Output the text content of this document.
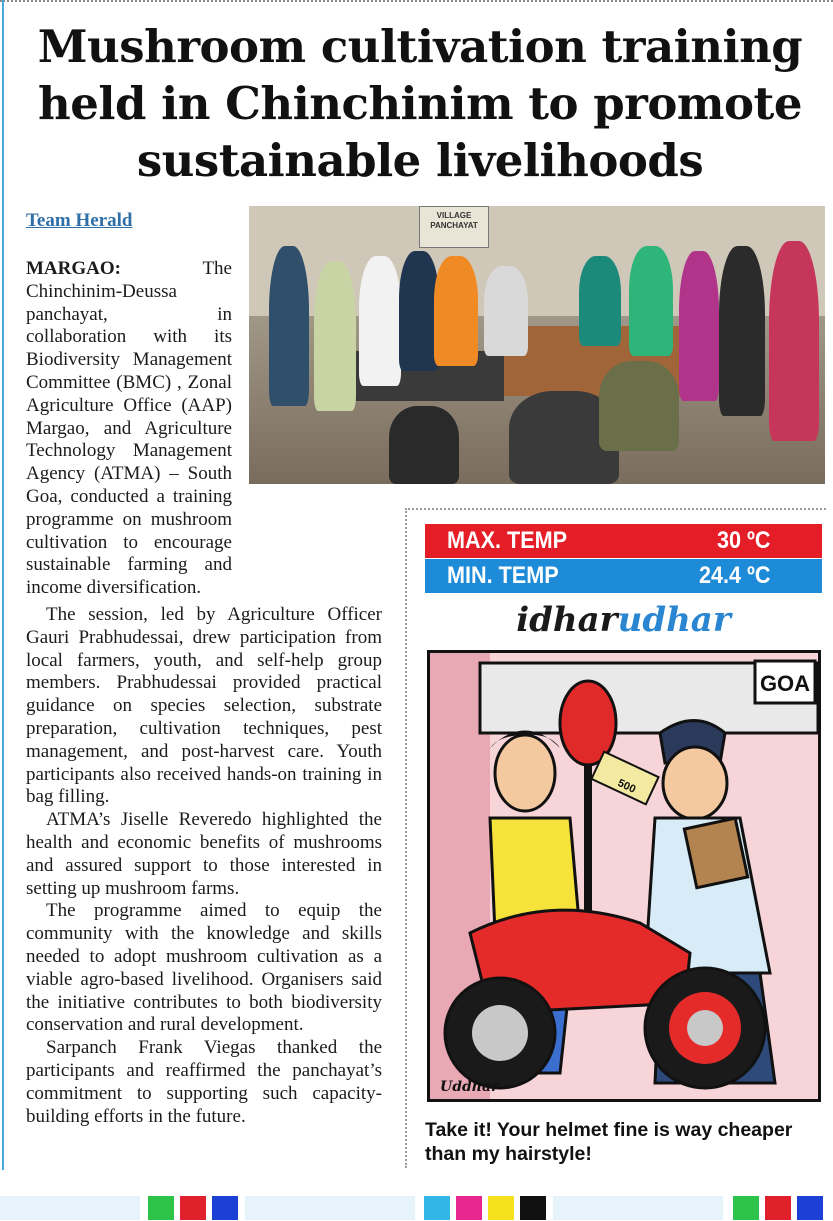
Mushroom cultivation training held in Chinchinim to promote sustainable livelihoods
Team Herald	VILLAGE PANCHAYAT

MARGAO:	The Chinchinim-Deussa panchayat, in collaboration with its Biodiversity Management Committee (BMC) , Zonal Agriculture Office (AAP) Margao, and Agriculture Technology Management Agency (ATMA) – South Goa, conducted a training programme on mushroom cultivation to encourage sustainable farming and income diversification.

MAX. TEMP	30 ºC
MIN. TEMP	24.4 ºC
idharudhar
GOA
500
Uddhar

Take it! Your helmet fine is way cheaper than my hairstyle!

The session, led by Agriculture Officer Gauri Prabhudessai, drew participation from local farmers, youth, and self-help group members. Prabhudessai provided practical guidance on species selection, substrate preparation, cultivation techniques, pest management, and post-harvest care. Youth participants also received hands-on training in bag filling.

ATMA’s Jiselle Reveredo highlighted the health and economic benefits of mushrooms and assured support to those interested in setting up mushroom farms.

The programme aimed to equip the community with the knowledge and skills needed to adopt mushroom cultivation as a viable agro-based livelihood. Organisers said the initiative contributes to both biodiversity conservation and rural development.

Sarpanch Frank Viegas thanked the participants and reaffirmed the panchayat’s commitment to supporting such capacity-building efforts in the future.
